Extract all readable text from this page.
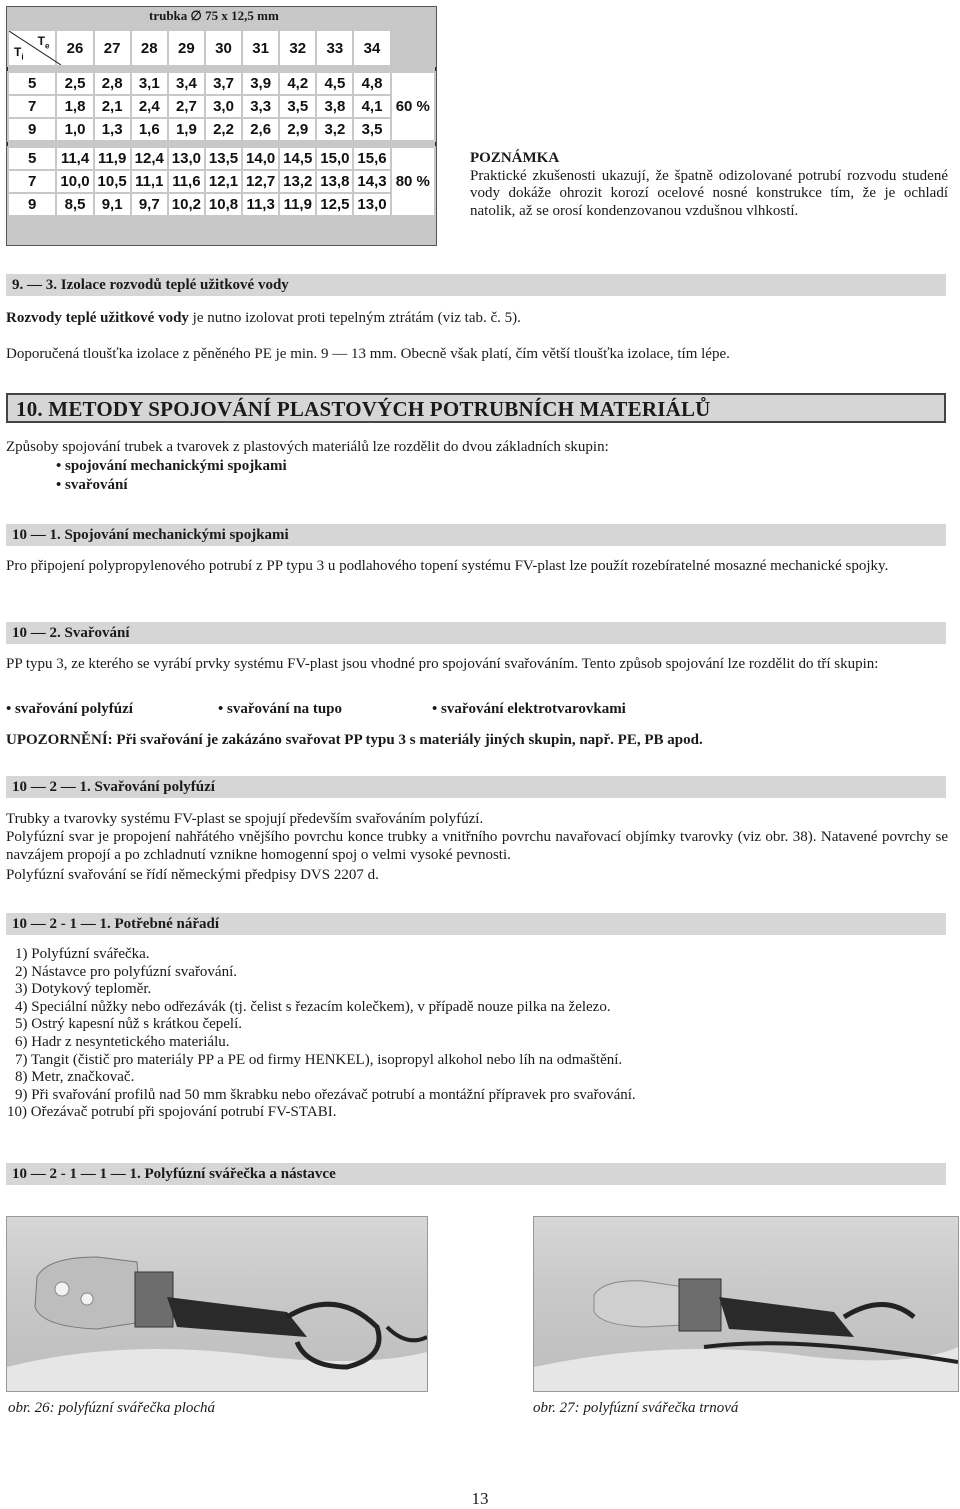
trubka ∅ 75 x 12,5 mm
$T_i$
$T_e$	26	27	28	29	30	31	32	33	34	

5	2,5	2,8	3,1	3,4	3,7	3,9	4,2	4,5	4,8	60 %
7	1,8	2,1	2,4	2,7	3,0	3,3	3,5	3,8	4,1	
9	1,0	1,3	1,6	1,9	2,2	2,6	2,9	3,2	3,5	

5	11,4	11,9	12,4	13,0	13,5	14,0	14,5	15,0	15,6	80 %
7	10,0	10,5	11,1	11,6	12,1	12,7	13,2	13,8	14,3	
9	8,5	9,1	9,7	10,2	10,8	11,3	11,9	12,5	13,0	
POZNÁMKA
Praktické zkušenosti ukazují, že špatně odizolované potrubí rozvodu studené vody dokáže ohrozit korozí ocelové nosné konstrukce tím, že je ochladí natolik, až se orosí kondenzovanou vzdušnou vlhkostí.
9. — 3. Izolace rozvodů teplé užitkové vody
Rozvody teplé užitkové vody je nutno izolovat proti tepelným ztrátám (viz tab. č. 5).
Doporučená tloušťka izolace z pěněného PE je min. 9 — 13 mm. Obecně však platí, čím větší tloušťka izolace, tím lépe.
10. METODY SPOJOVÁNÍ PLASTOVÝCH POTRUBNÍCH MATERIÁLŮ
Způsoby spojování trubek a tvarovek z plastových materiálů lze rozdělit do dvou základních skupin:
• spojování mechanickými spojkami
• svařování
10 — 1. Spojování mechanickými spojkami
Pro připojení polypropylenového potrubí z PP typu 3 u podlahového topení systému FV-plast lze použít rozebíratelné mosazné mechanické spojky.
10 — 2. Svařování
PP typu 3, ze kterého se vyrábí prvky systému FV-plast jsou vhodné pro spojování svařováním. Tento způsob spojování lze rozdělit do tří skupin:
• svařování polyfúzí	• svařování na tupo	• svařování elektrotvarovkami
UPOZORNĚNÍ: Při svařování je zakázáno svařovat PP typu 3 s materiály jiných skupin, např. PE, PB apod.
10 — 2 — 1. Svařování polyfúzí
Trubky a tvarovky systému FV-plast se spojují především svařováním polyfúzí.
Polyfúzní svar je propojení nahřátého vnějšího povrchu konce trubky a vnitřního povrchu navařovací objímky tvarovky (viz obr. 38). Natavené povrchy se navzájem propojí a po zchladnutí vznikne homogenní spoj o velmi vysoké pevnosti.
Polyfúzní svařování se řídí německými předpisy DVS 2207 d.
10 — 2 - 1 — 1. Potřebné nářadí
1) Polyfúzní svářečka.
2) Nástavce pro polyfúzní svařování.
3) Dotykový teploměr.
4) Speciální nůžky nebo odřezávák (tj. čelist s řezacím kolečkem), v případě nouze pilka na železo.
5) Ostrý kapesní nůž s krátkou čepelí.
6) Hadr z nesyntetického materiálu.
7) Tangit (čistič pro materiály PP a PE od firmy HENKEL), isopropyl alkohol nebo líh na odmaštění.
8) Metr, značkovač.
9) Při svařování profilů nad 50 mm škrabku nebo ořezávač potrubí a montážní přípravek pro svařování.
10) Ořezávač potrubí při spojování potrubí FV-STABI.
10 — 2 - 1 — 1 — 1. Polyfúzní svářečka a nástavce
obr. 26: polyfúzní svářečka plochá	obr. 27: polyfúzní svářečka trnová
13
